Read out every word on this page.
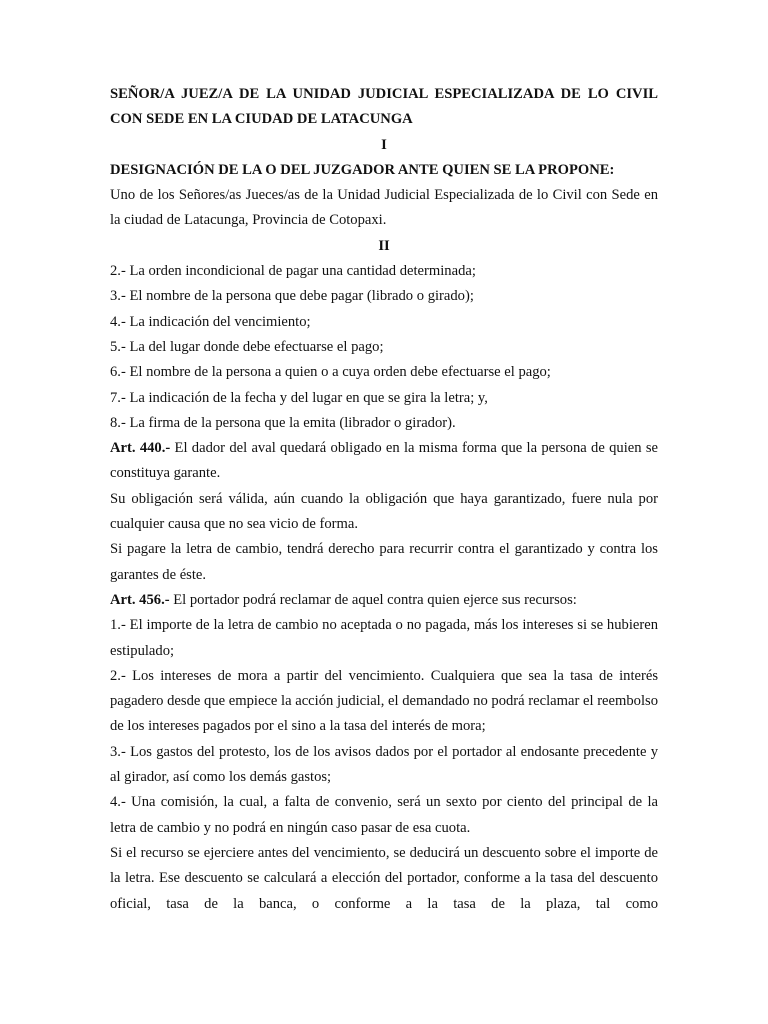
SEÑOR/A JUEZ/A DE LA UNIDAD JUDICIAL ESPECIALIZADA DE LO CIVIL CON SEDE EN LA CIUDAD DE LATACUNGA

I

DESIGNACIÓN DE LA O DEL JUZGADOR ANTE QUIEN SE LA PROPONE:

Uno de los Señores/as Jueces/as de la Unidad Judicial Especializada de lo Civil con Sede en la ciudad de Latacunga, Provincia de Cotopaxi.

II

2.- La orden incondicional de pagar una cantidad determinada;

3.- El nombre de la persona que debe pagar (librado o girado);

4.- La indicación del vencimiento;

5.- La del lugar donde debe efectuarse el pago;

6.- El nombre de la persona a quien o a cuya orden debe efectuarse el pago;

7.- La indicación de la fecha y del lugar en que se gira la letra; y,

8.- La firma de la persona que la emita (librador o girador).

Art. 440.- El dador del aval quedará obligado en la misma forma que la persona de quien se constituya garante.

Su obligación será válida, aún cuando la obligación que haya garantizado, fuere nula por cualquier causa que no sea vicio de forma.

Si pagare la letra de cambio, tendrá derecho para recurrir contra el garantizado y contra los garantes de éste.

Art. 456.- El portador podrá reclamar de aquel contra quien ejerce sus recursos:

1.- El importe de la letra de cambio no aceptada o no pagada, más los intereses si se hubieren estipulado;

2.- Los intereses de mora a partir del vencimiento. Cualquiera que sea la tasa de interés pagadero desde que empiece la acción judicial, el demandado no podrá reclamar el reembolso de los intereses pagados por el sino a la tasa del interés de mora;

3.- Los gastos del protesto, los de los avisos dados por el portador al endosante precedente y al girador, así como los demás gastos;

4.- Una comisión, la cual, a falta de convenio, será un sexto por ciento del principal de la letra de cambio y no podrá en ningún caso pasar de esa cuota.

Si el recurso se ejerciere antes del vencimiento, se deducirá un descuento sobre el importe de la letra. Ese descuento se calculará a elección del portador, conforme a la tasa del descuento oficial, tasa de la banca, o conforme a la tasa de la plaza, tal como
